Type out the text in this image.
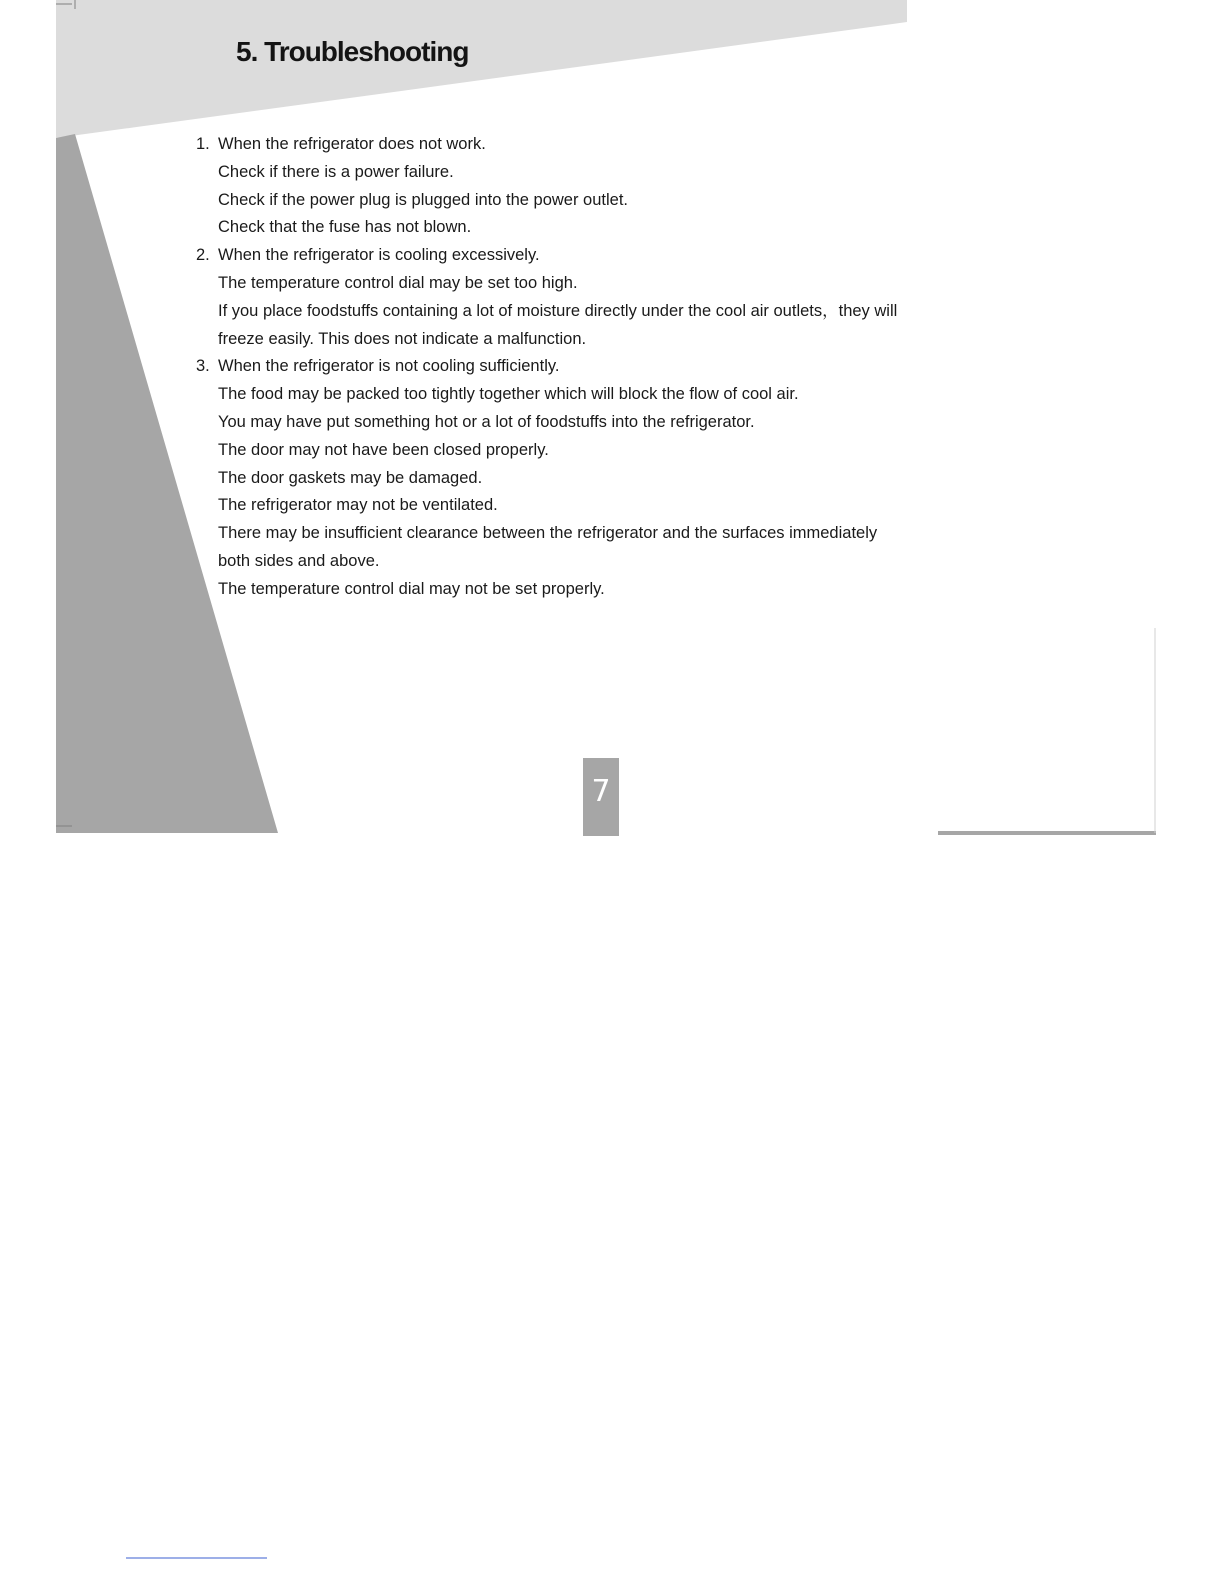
5. Troubleshooting
1. When the refrigerator does not work.
Check if there is a power failure.
Check if the power plug is plugged into the power outlet.
Check that the fuse has not blown.
2. When the refrigerator is cooling excessively.
The temperature control dial may be set too high.
If you place foodstuffs containing a lot of moisture directly under the cool air outlets，they will
freeze easily. This does not indicate a malfunction.
3. When the refrigerator is not cooling sufficiently.
The food may be packed too tightly together which will block the flow of cool air.
You may have put something hot or a lot of foodstuffs into the refrigerator.
The door may not have been closed properly.
The door gaskets may be damaged.
The refrigerator may not be ventilated.
There may be insufficient clearance between the refrigerator and the surfaces immediately
both sides and above.
The temperature control dial may not be set properly.
7
